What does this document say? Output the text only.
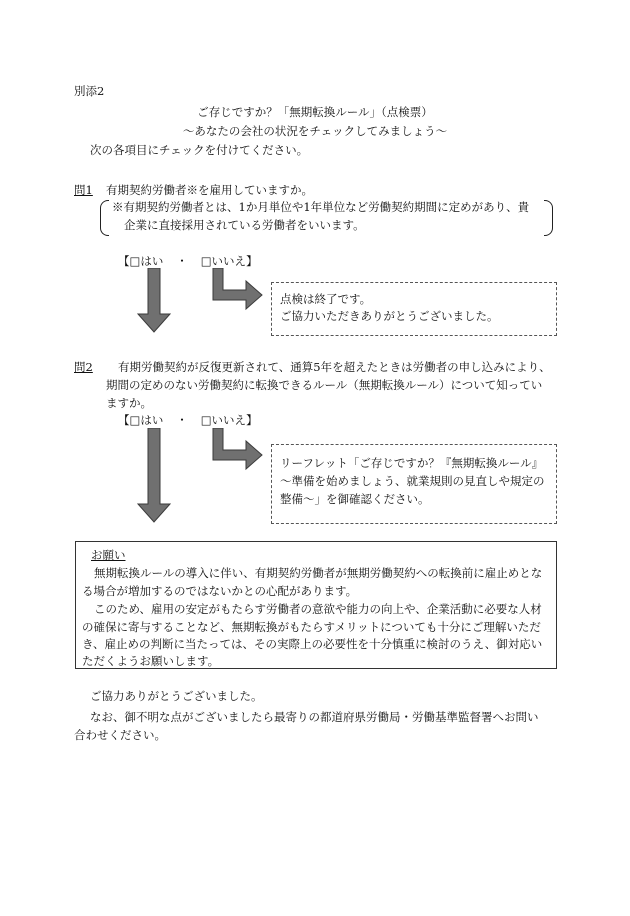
別添2
ご存じですか？「無期転換ルール」（点検票）
～あなたの会社の状況をチェックしてみましょう～
次の各項目にチェックを付けてください。
問1 有期契約労働者※を雇用していますか。
※有期契約労働者とは、1か月単位や1年単位など労働契約期間に定めがあり、貴
企業に直接採用されている労働者をいいます。
【□はい ・ □いいえ】
点検は終了です。
ご協力いただきありがとうございました。
問2 有期労働契約が反復更新されて、通算5年を超えたときは労働者の申し込みにより、
期間の定めのない労働契約に転換できるルール（無期転換ルール）について知ってい
ますか。
【□はい ・ □いいえ】
リーフレット「ご存じですか？『無期転換ルール』
～準備を始めましょう、就業規則の見直しや規定の
整備～」を御確認ください。
お願い
無期転換ルールの導入に伴い、有期契約労働者が無期労働契約への転換前に雇止めとな
る場合が増加するのではないかとの心配があります。
このため、雇用の安定がもたらす労働者の意欲や能力の向上や、企業活動に必要な人材
の確保に寄与することなど、無期転換がもたらすメリットについても十分にご理解いただ
き、雇止めの判断に当たっては、その実際上の必要性を十分慎重に検討のうえ、御対応い
ただくようお願いします。
ご協力ありがとうございました。
なお、御不明な点がございましたら最寄りの都道府県労働局・労働基準監督署へお問い
合わせください。
